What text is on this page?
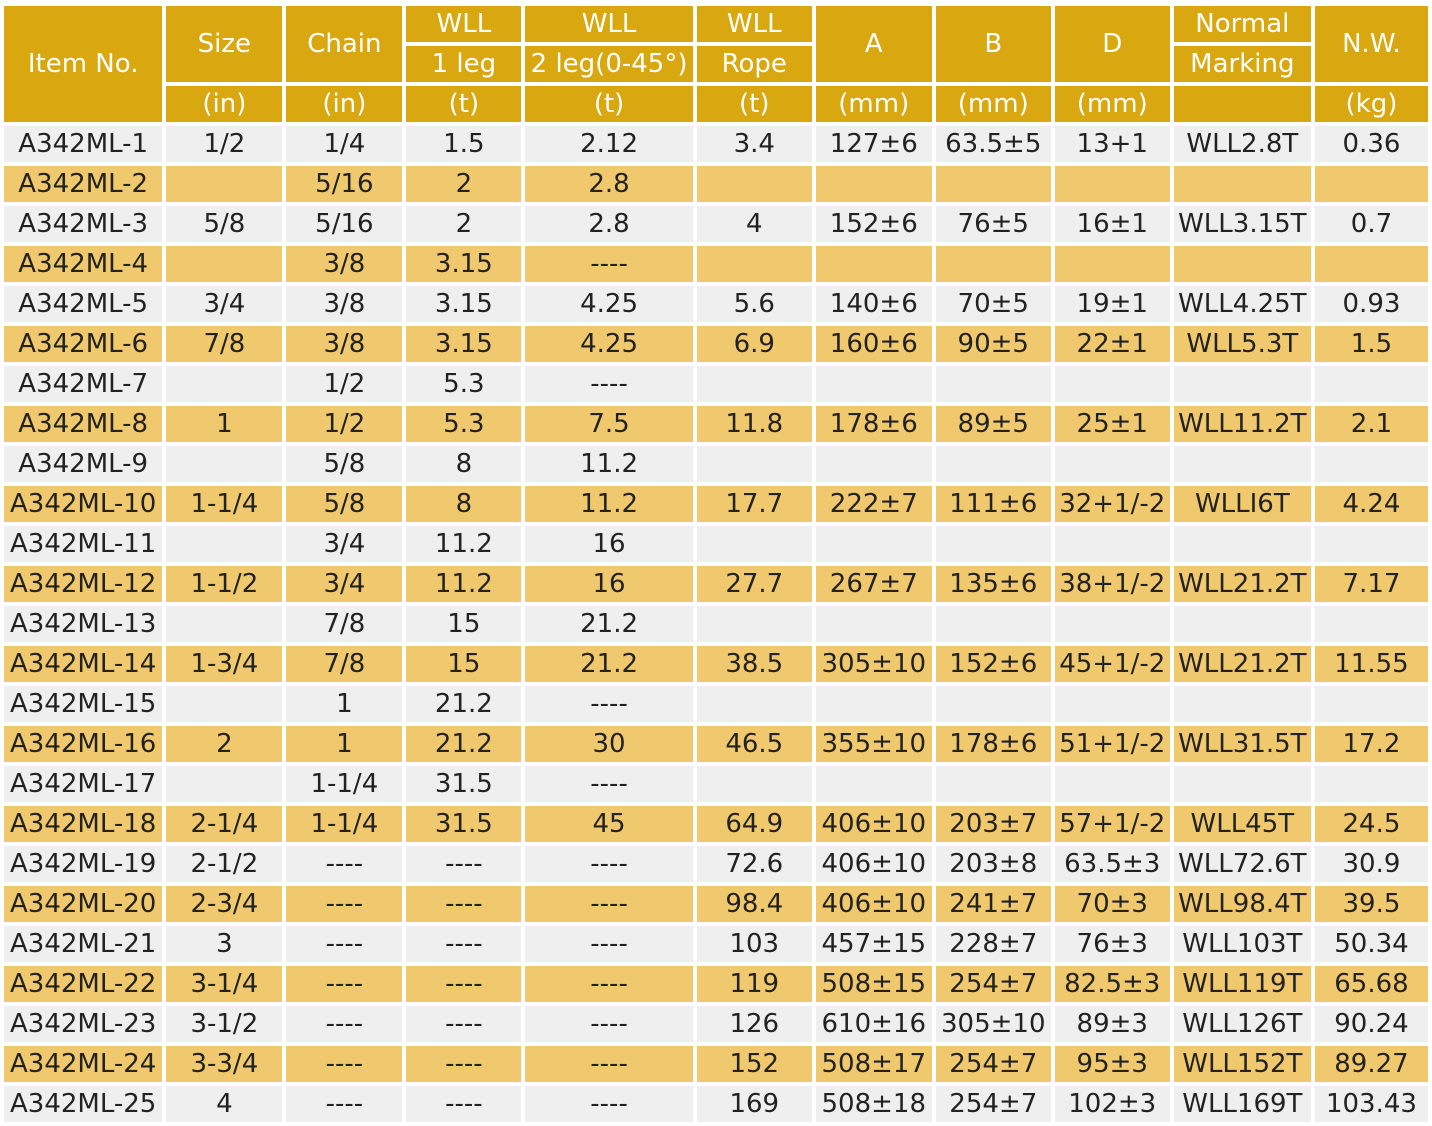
Item No.	Size	Chain	WLL	WLL	WLL	A	B	D	Normal	N.W.
			1 leg	2 leg(0-45°)	Rope				Marking	
	(in)	(in)	(t)	(t)	(t)	(mm)	(mm)	(mm)		(kg)
A342ML-1	1/2	1/4	1.5	2.12	3.4	127±6	63.5±5	13+1	WLL2.8T	0.36
A342ML-2		5/16	2	2.8						
A342ML-3	5/8	5/16	2	2.8	4	152±6	76±5	16±1	WLL3.15T	0.7
A342ML-4		3/8	3.15	----						
A342ML-5	3/4	3/8	3.15	4.25	5.6	140±6	70±5	19±1	WLL4.25T	0.93
A342ML-6	7/8	3/8	3.15	4.25	6.9	160±6	90±5	22±1	WLL5.3T	1.5
A342ML-7		1/2	5.3	----						
A342ML-8	1	1/2	5.3	7.5	11.8	178±6	89±5	25±1	WLL11.2T	2.1
A342ML-9		5/8	8	11.2						
A342ML-10	1-1/4	5/8	8	11.2	17.7	222±7	111±6	32+1/-2	WLLI6T	4.24
A342ML-11		3/4	11.2	16						
A342ML-12	1-1/2	3/4	11.2	16	27.7	267±7	135±6	38+1/-2	WLL21.2T	7.17
A342ML-13		7/8	15	21.2						
A342ML-14	1-3/4	7/8	15	21.2	38.5	305±10	152±6	45+1/-2	WLL21.2T	11.55
A342ML-15		1	21.2	----						
A342ML-16	2	1	21.2	30	46.5	355±10	178±6	51+1/-2	WLL31.5T	17.2
A342ML-17		1-1/4	31.5	----						
A342ML-18	2-1/4	1-1/4	31.5	45	64.9	406±10	203±7	57+1/-2	WLL45T	24.5
A342ML-19	2-1/2	----	----	----	72.6	406±10	203±8	63.5±3	WLL72.6T	30.9
A342ML-20	2-3/4	----	----	----	98.4	406±10	241±7	70±3	WLL98.4T	39.5
A342ML-21	3	----	----	----	103	457±15	228±7	76±3	WLL103T	50.34
A342ML-22	3-1/4	----	----	----	119	508±15	254±7	82.5±3	WLL119T	65.68
A342ML-23	3-1/2	----	----	----	126	610±16	305±10	89±3	WLL126T	90.24
A342ML-24	3-3/4	----	----	----	152	508±17	254±7	95±3	WLL152T	89.27
A342ML-25	4	----	----	----	169	508±18	254±7	102±3	WLL169T	103.43
